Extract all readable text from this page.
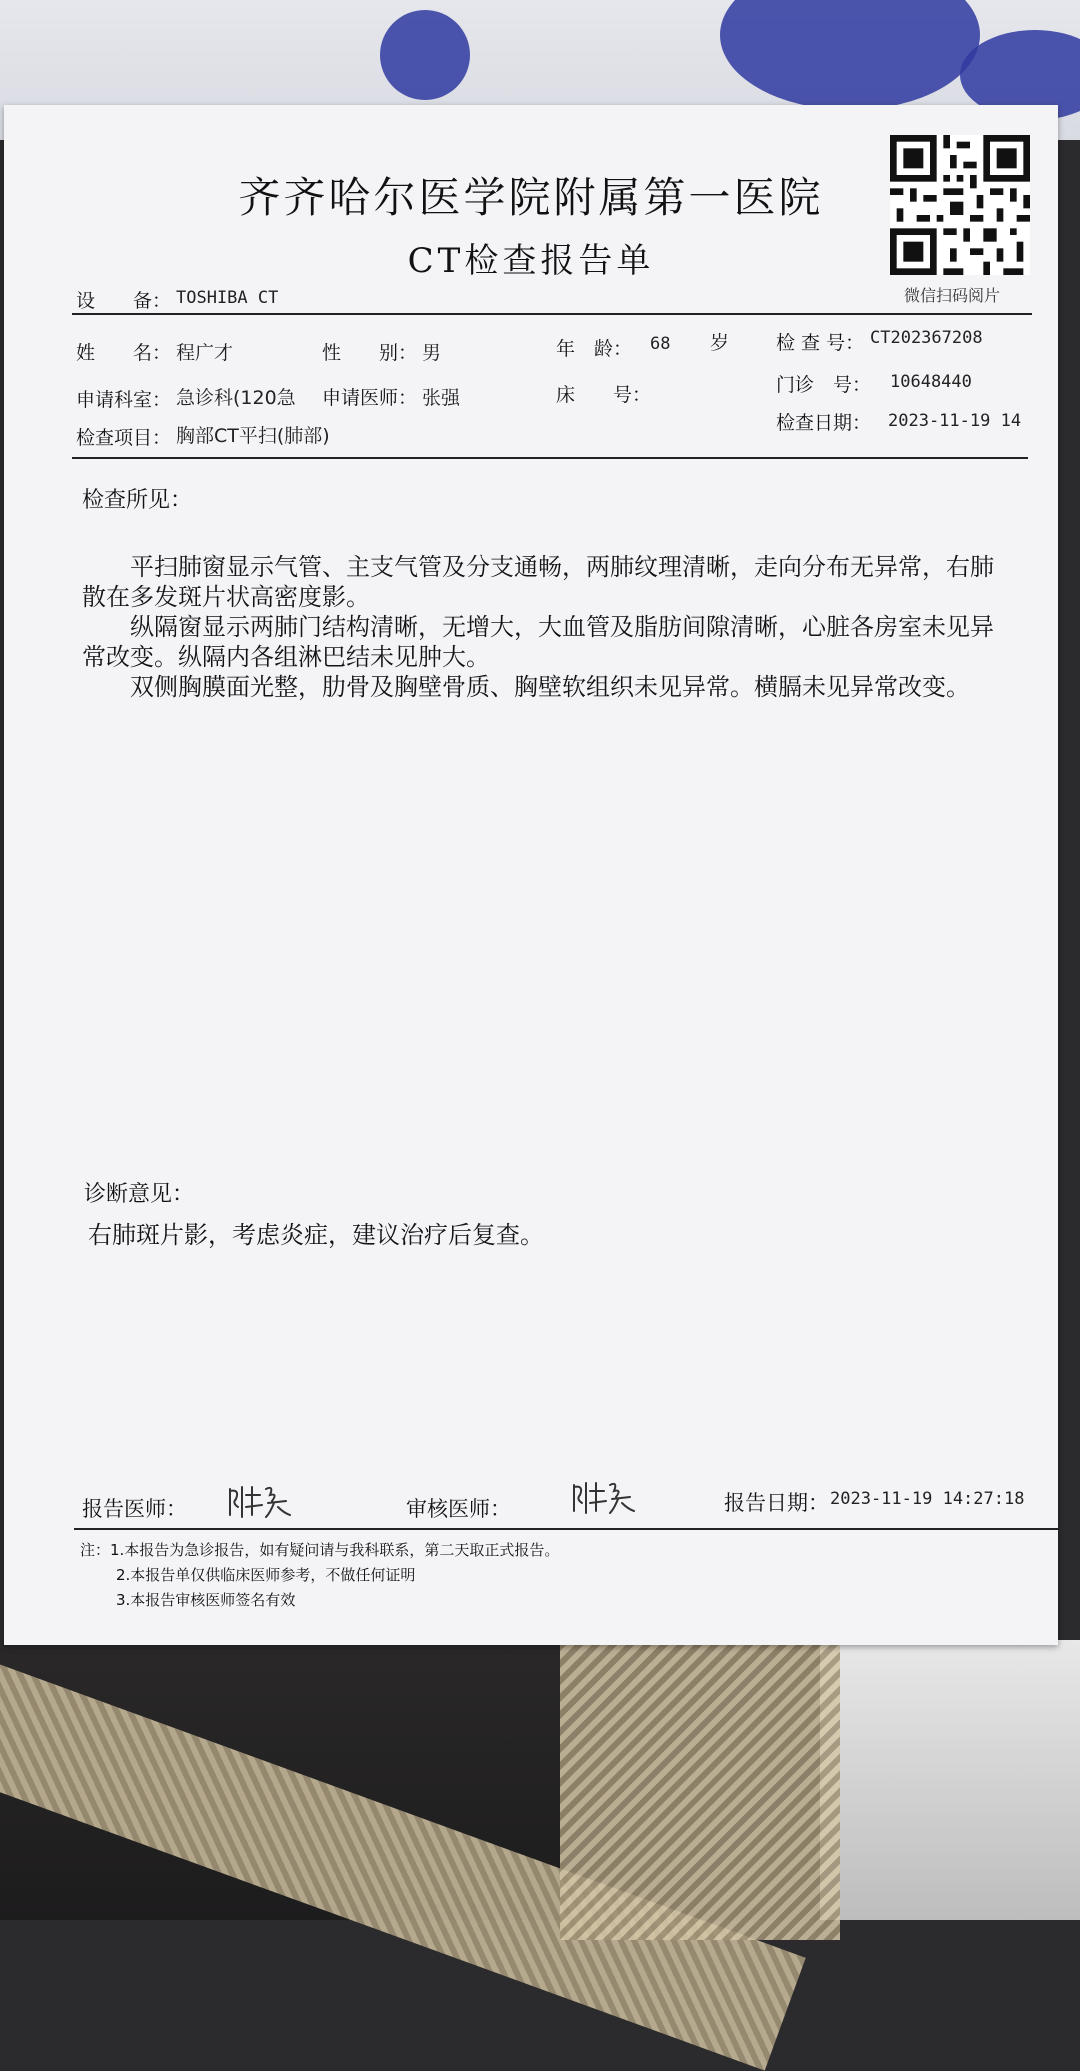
齐齐哈尔医学院附属第一医院
CT检查报告单
微信扫码阅片
设　　备： TOSHIBA CT
姓　　名： 程广才	性　　别： 男	年　龄： 68 岁 检 查 号： CT202367208
申请科室： 急诊科(120急	申请医师： 张强	床　　号：	门诊　号： 10648440
检查项目： 胸部CT平扫(肺部)
检查日期： 2023-11-19 14
检查所见：

平扫肺窗显示气管、主支气管及分支通畅，两肺纹理清晰，走向分布无异常，右肺散在多发斑片状高密度影。

纵隔窗显示两肺门结构清晰，无增大，大血管及脂肪间隙清晰，心脏各房室未见异常改变。纵隔内各组淋巴结未见肿大。

双侧胸膜面光整，肋骨及胸壁骨质、胸壁软组织未见异常。横膈未见异常改变。

诊断意见：
右肺斑片影，考虑炎症，建议治疗后复查。
报告医师：	审核医师：	报告日期： 2023-11-19 14:27:18
注：1.本报告为急诊报告，如有疑问请与我科联系，第二天取正式报告。
2.本报告单仅供临床医师参考，不做任何证明
3.本报告审核医师签名有效
